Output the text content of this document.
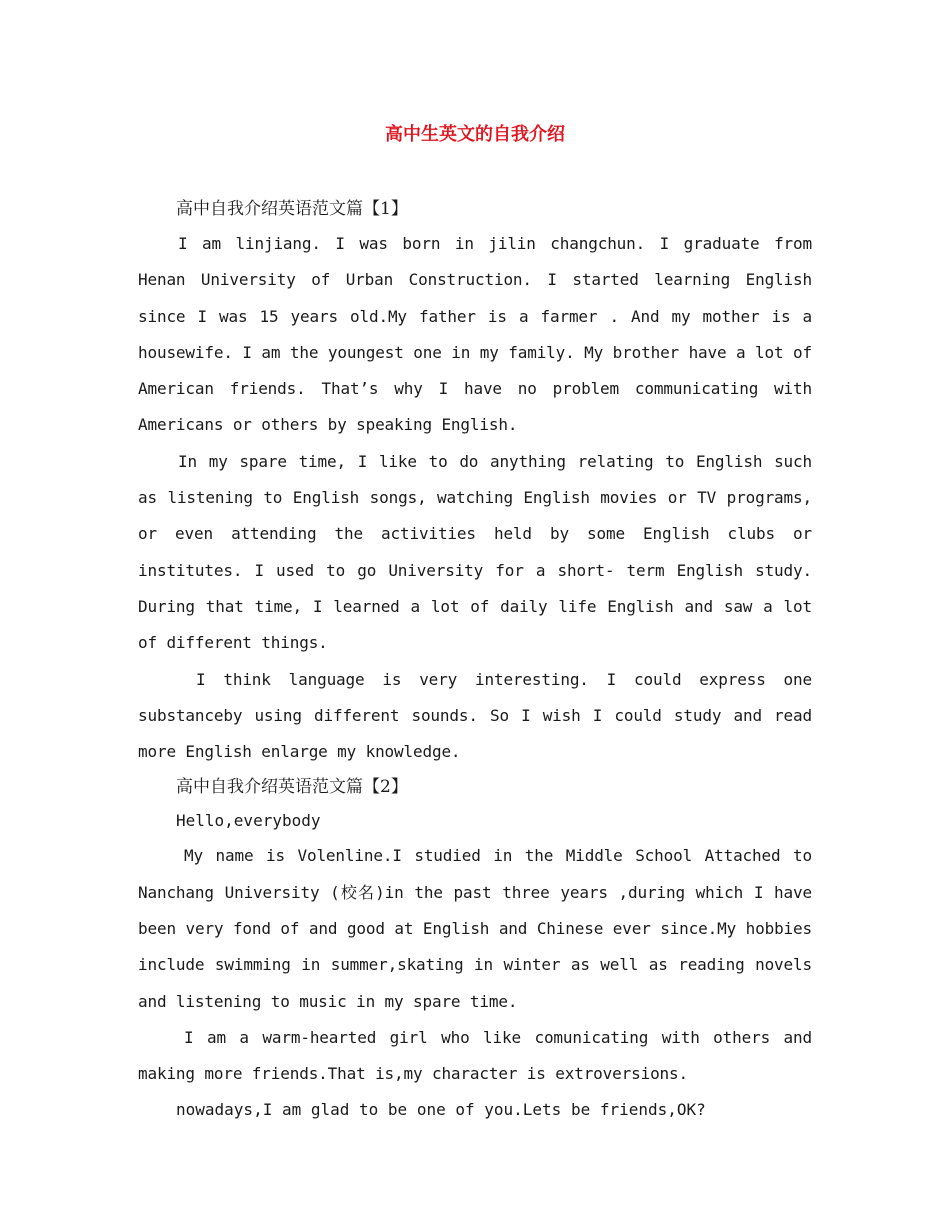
高中生英文的自我介绍

高中自我介绍英语范文篇【1】

I am linjiang. I was born in jilin changchun. I graduate from Henan University of Urban Construction. I started learning English since I was 15 years old.My father is a farmer . And my mother is a housewife. I am the youngest one in my family. My brother have a lot of American friends. That’s why I have no problem communicating with Americans or others by speaking English.

In my spare time, I like to do anything relating to English such as listening to English songs, watching English movies or TV programs, or even attending the activities held by some English clubs or institutes. I used to go University for a short- term English study. During that time, I learned a lot of daily life English and saw a lot of different things.

I think language is very interesting. I could express one substanceby using different sounds. So I wish I could study and read more English enlarge my knowledge.

高中自我介绍英语范文篇【2】

Hello,everybody

My name is Volenline.I studied in the Middle School Attached to Nanchang University (校名)in the past three years ,during which I have been very fond of and good at English and Chinese ever since.My hobbies include swimming in summer,skating in winter as well as reading novels and listening to music in my spare time.

I am a warm-hearted girl who like comunicating with others and making more friends.That is,my character is extroversions.

nowadays,I am glad to be one of you.Lets be friends,OK?
